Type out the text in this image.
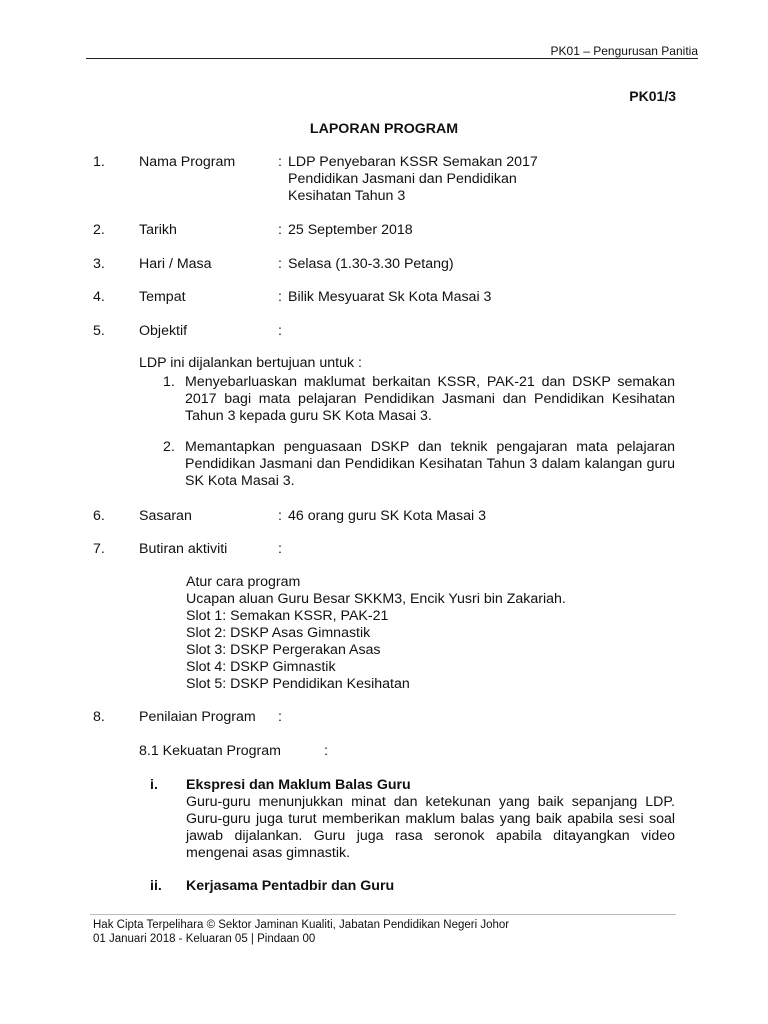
PK01 – Pengurusan Panitia
PK01/3
LAPORAN PROGRAM
1. Nama Program	: LDP Penyebaran KSSR Semakan 2017
Pendidikan Jasmani dan Pendidikan
Kesihatan Tahun 3
2. Tarikh	: 25 September 2018
3. Hari / Masa	: Selasa (1.30-3.30 Petang)
4. Tempat	: Bilik Mesyuarat Sk Kota Masai 3
5. Objektif	:
LDP ini dijalankan bertujuan untuk :
1. Menyebarluaskan maklumat berkaitan KSSR, PAK-21 dan DSKP semakan 2017 bagi mata pelajaran Pendidikan Jasmani dan Pendidikan Kesihatan Tahun 3 kepada guru SK Kota Masai 3.
2. Memantapkan penguasaan DSKP dan teknik pengajaran mata pelajaran Pendidikan Jasmani dan Pendidikan Kesihatan Tahun 3 dalam kalangan guru SK Kota Masai 3.
6. Sasaran	: 46 orang guru SK Kota Masai 3
7. Butiran aktiviti	:
Atur cara program
Ucapan aluan Guru Besar SKKM3, Encik Yusri bin Zakariah.
Slot 1: Semakan KSSR, PAK-21
Slot 2: DSKP Asas Gimnastik
Slot 3: DSKP Pergerakan Asas
Slot 4: DSKP Gimnastik
Slot 5: DSKP Pendidikan Kesihatan
8. Penilaian Program :
8.1 Kekuatan Program	:
i. Ekspresi dan Maklum Balas Guru
Guru-guru menunjukkan minat dan ketekunan yang baik sepanjang LDP. Guru-guru juga turut memberikan maklum balas yang baik apabila sesi soal jawab dijalankan. Guru juga rasa seronok apabila ditayangkan video mengenai asas gimnastik.
ii. Kerjasama Pentadbir dan Guru
Hak Cipta Terpelihara © Sektor Jaminan Kualiti, Jabatan Pendidikan Negeri Johor
01 Januari 2018 - Keluaran 05 | Pindaan 00
